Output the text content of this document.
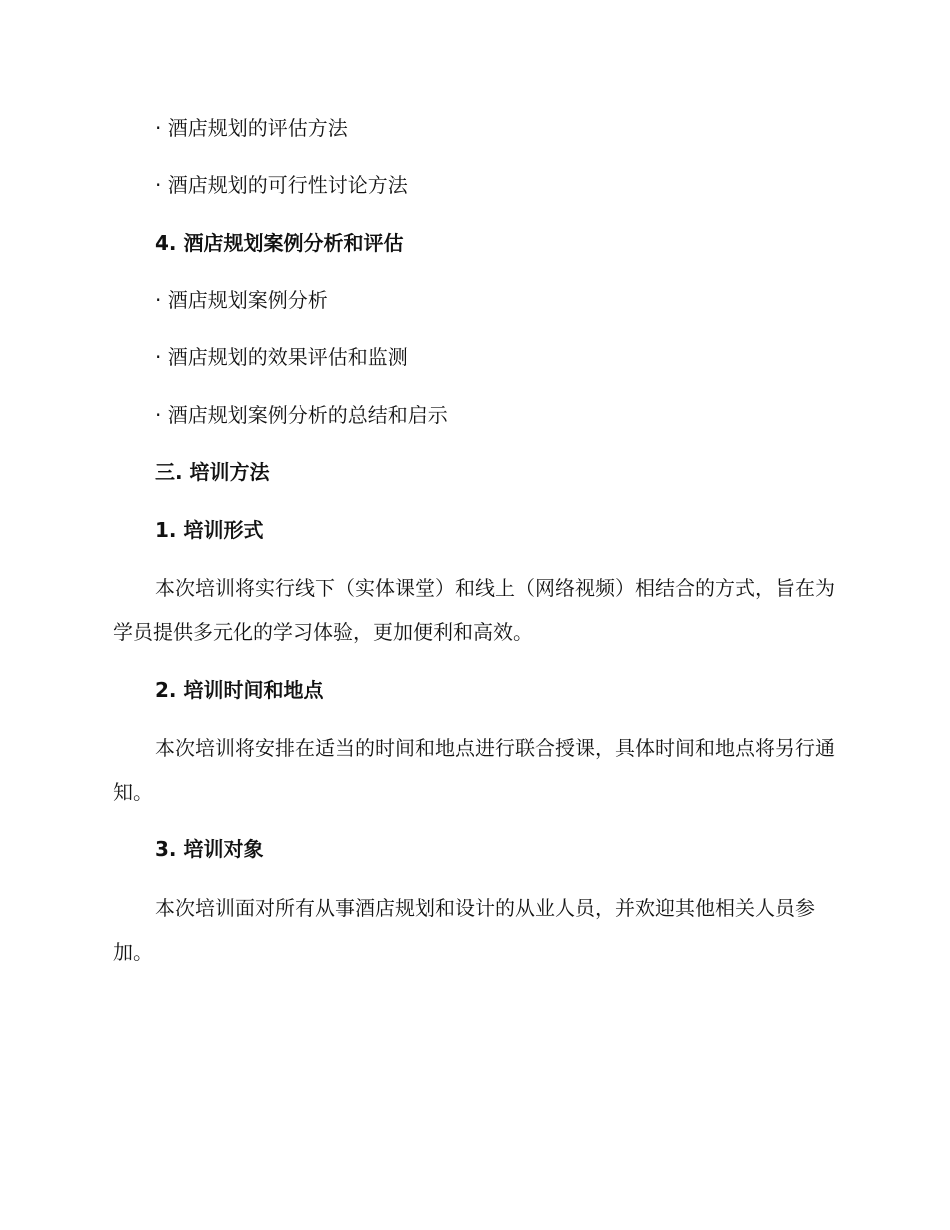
· 酒店规划的评估方法
· 酒店规划的可行性讨论方法
4. 酒店规划案例分析和评估
· 酒店规划案例分析
· 酒店规划的效果评估和监测
· 酒店规划案例分析的总结和启示
三. 培训方法
1. 培训形式
本次培训将实行线下（实体课堂）和线上（网络视频）相结合的方式，旨在为学员提供多元化的学习体验，更加便利和高效。
2. 培训时间和地点
本次培训将安排在适当的时间和地点进行联合授课，具体时间和地点将另行通知。
3. 培训对象
本次培训面对所有从事酒店规划和设计的从业人员，并欢迎其他相关人员参加。
